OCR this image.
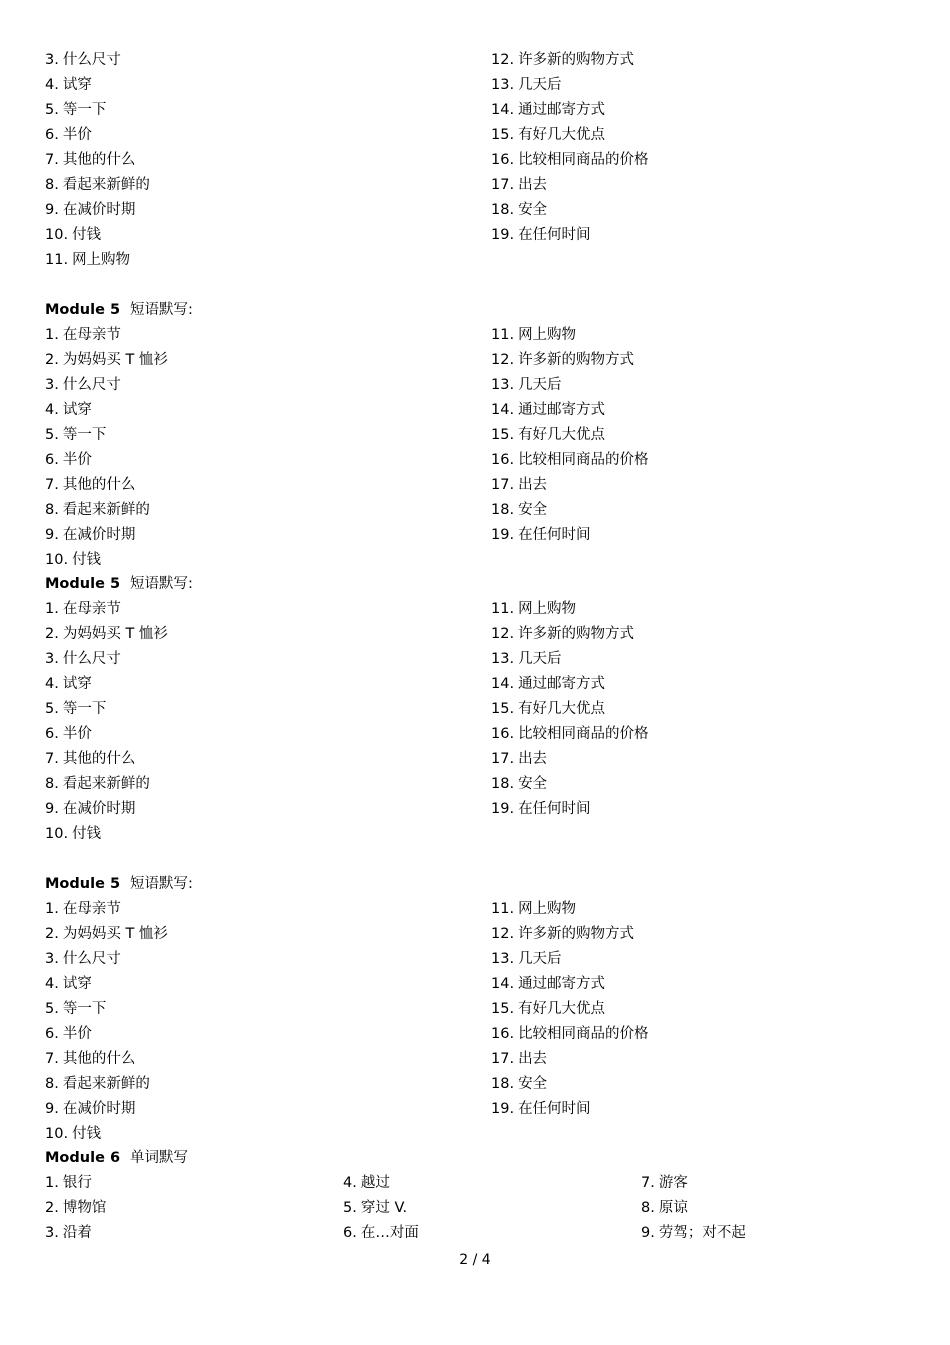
3. 什么尺寸	12. 许多新的购物方式
4. 试穿	13. 几天后
5. 等一下	14. 通过邮寄方式
6. 半价	15. 有好几大优点
7. 其他的什么	16. 比较相同商品的价格
8. 看起来新鲜的	17. 出去
9. 在减价时期	18. 安全
10. 付钱	19. 在任何时间
11. 网上购物
Module 5 短语默写:
1. 在母亲节	11. 网上购物
2. 为妈妈买 T 恤衫	12. 许多新的购物方式
3. 什么尺寸	13. 几天后
4. 试穿	14. 通过邮寄方式
5. 等一下	15. 有好几大优点
6. 半价	16. 比较相同商品的价格
7. 其他的什么	17. 出去
8. 看起来新鲜的	18. 安全
9. 在减价时期	19. 在任何时间
10. 付钱
Module 5 短语默写:
1. 在母亲节	11. 网上购物
2. 为妈妈买 T 恤衫	12. 许多新的购物方式
3. 什么尺寸	13. 几天后
4. 试穿	14. 通过邮寄方式
5. 等一下	15. 有好几大优点
6. 半价	16. 比较相同商品的价格
7. 其他的什么	17. 出去
8. 看起来新鲜的	18. 安全
9. 在减价时期	19. 在任何时间
10. 付钱
Module 5 短语默写:
1. 在母亲节	11. 网上购物
2. 为妈妈买 T 恤衫	12. 许多新的购物方式
3. 什么尺寸	13. 几天后
4. 试穿	14. 通过邮寄方式
5. 等一下	15. 有好几大优点
6. 半价	16. 比较相同商品的价格
7. 其他的什么	17. 出去
8. 看起来新鲜的	18. 安全
9. 在减价时期	19. 在任何时间
10. 付钱
Module 6 单词默写
1. 银行	4. 越过	7. 游客
2. 博物馆	5. 穿过 V.	8. 原谅
3. 沿着	6. 在…对面	9. 劳驾；对不起
2 / 4
